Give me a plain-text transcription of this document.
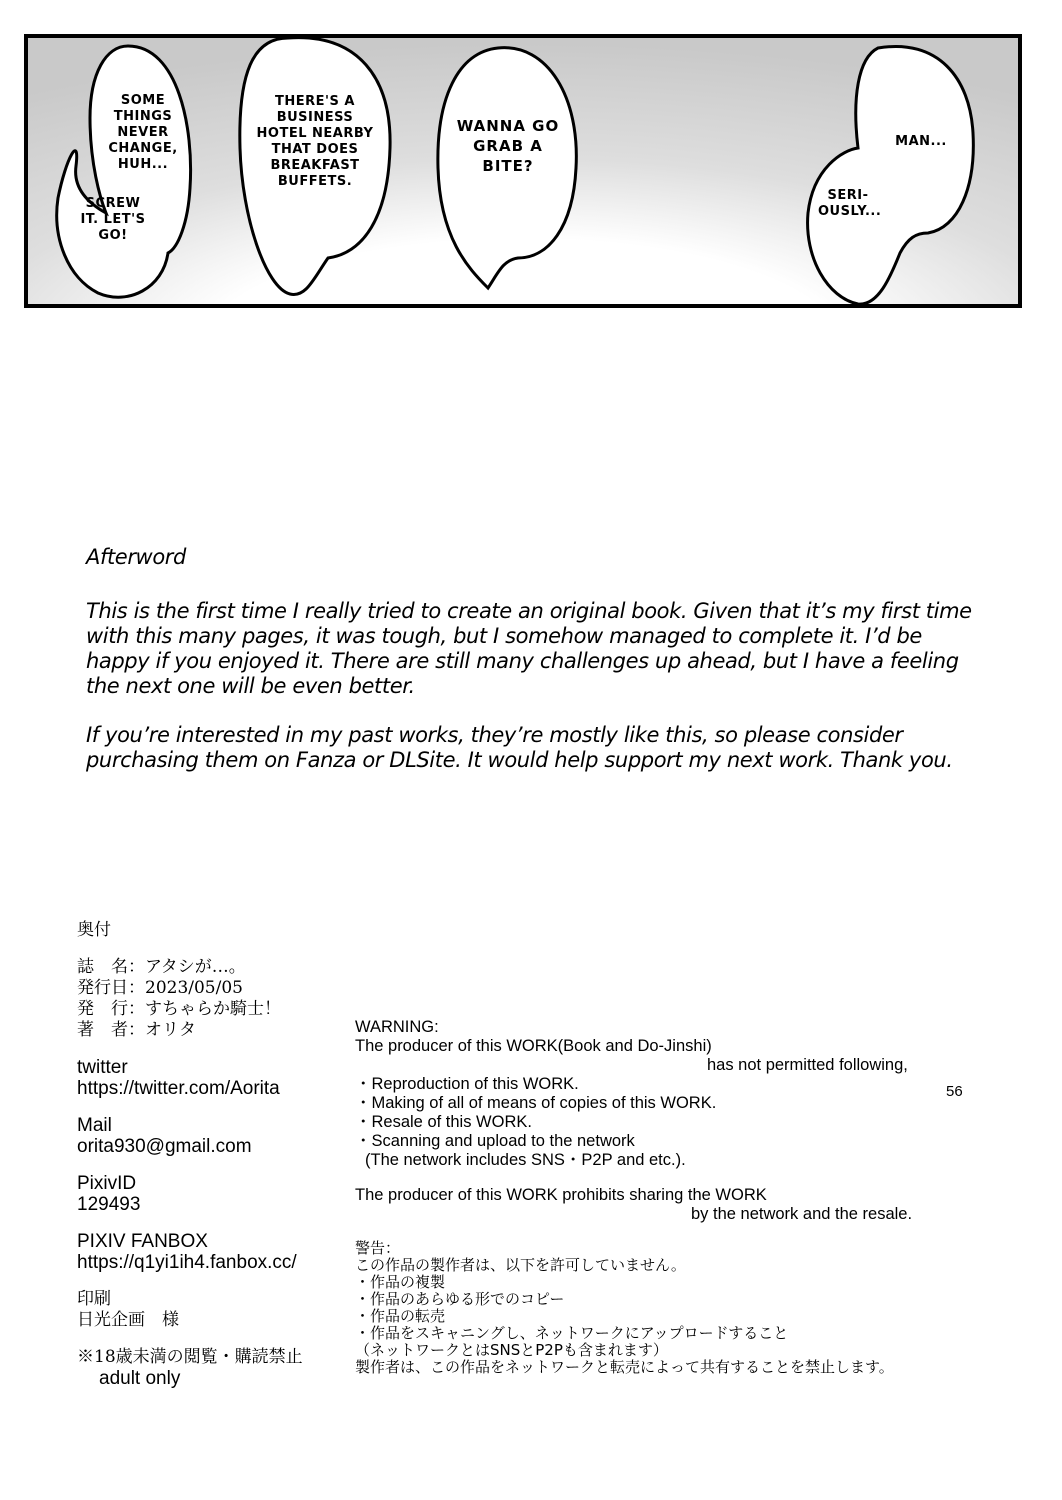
SOME THINGS NEVER CHANGE, HUH...
SCREW IT. LET'S GO!
THERE'S A BUSINESS HOTEL NEARBY THAT DOES BREAKFAST BUFFETS.
WANNA GO GRAB A BITE?
MAN...
SERI- OUSLY...

Afterword

This is the first time I really tried to create an original book. Given that it’s my first time with this many pages, it was tough, but I somehow managed to complete it. I’d be happy if you enjoyed it. There are still many challenges up ahead, but I have a feeling the next one will be even better.

If you’re interested in my past works, they’re mostly like this, so please consider purchasing them on Fanza or DLSite. It would help support my next work. Thank you.

奥付
誌　名：アタシが…。
発行日：2023/05/05
発　行：すちゃらか騎士！
著　者：オリタ
twitter
https://twitter.com/Aorita
Mail
orita930@gmail.com
PixivID
129493
PIXIV FANBOX
https://q1yi1ih4.fanbox.cc/
印刷
日光企画　様
※18歳未満の閲覧・購読禁止
adult only
WARNING:
The producer of this WORK(Book and Do-Jinshi)
has not permitted following,
・Reproduction of this WORK.
・Making of all of means of copies of this WORK.
・Resale of this WORK.
・Scanning and upload to the network
(The network includes SNS・P2P and etc.).
The producer of this WORK prohibits sharing the WORK
by the network and the resale.
警告：
この作品の製作者は、以下を許可していません。
・作品の複製
・作品のあらゆる形でのコピー
・作品の転売
・作品をスキャニングし、ネットワークにアップロードすること
（ネットワークとはSNSとP2Pも含まれます）
製作者は、この作品をネットワークと転売によって共有することを禁止します。
56
